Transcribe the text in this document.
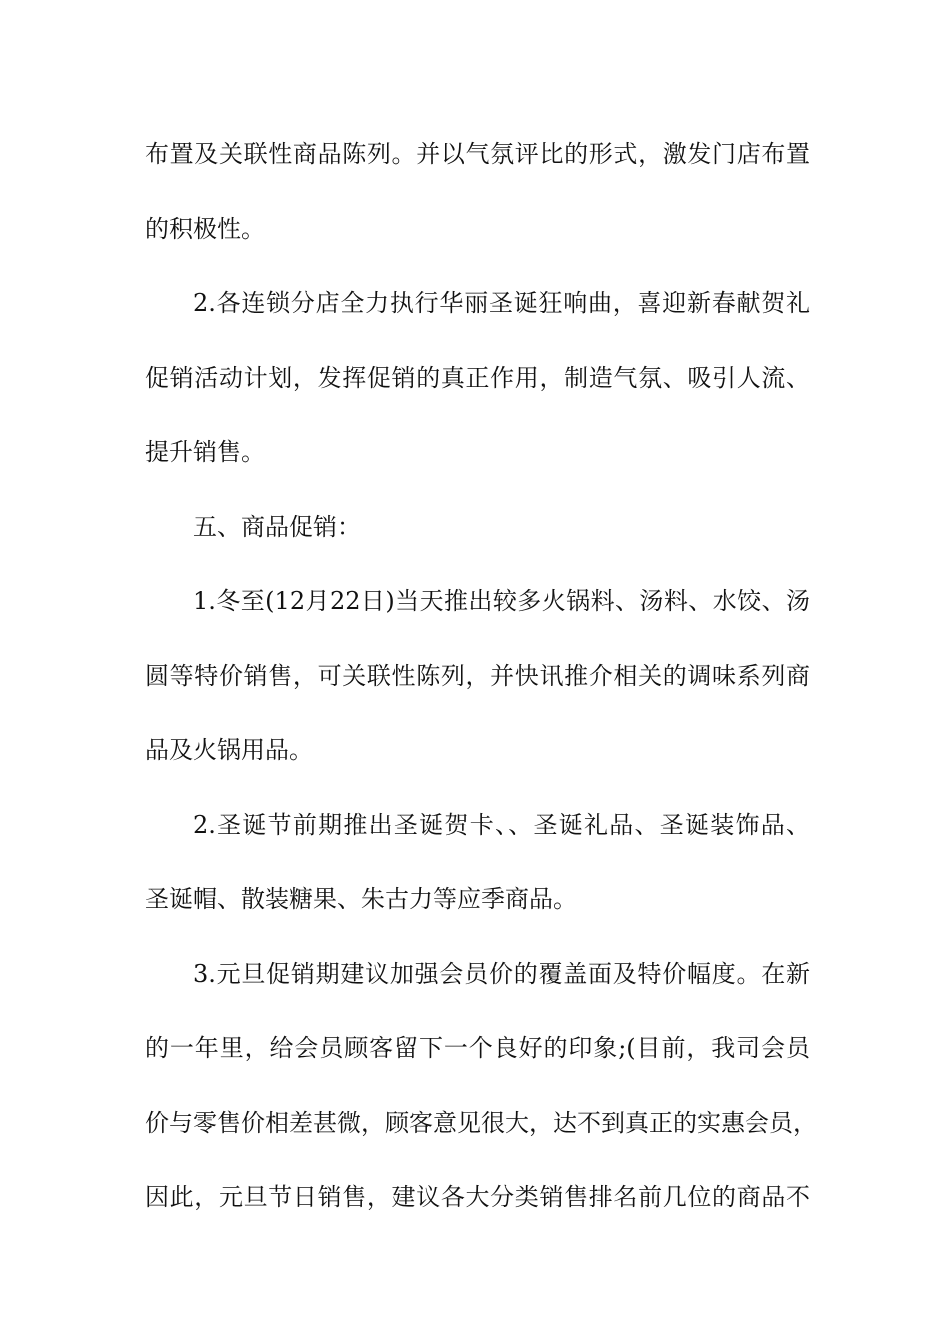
布置及关联性商品陈列。并以气氛评比的形式，激发门店布置
的积极性。
2.各连锁分店全力执行华丽圣诞狂响曲，喜迎新春献贺礼
促销活动计划，发挥促销的真正作用，制造气氛、吸引人流、
提升销售。
五、商品促销：
1.冬至(12月22日)当天推出较多火锅料、汤料、水饺、汤
圆等特价销售，可关联性陈列，并快讯推介相关的调味系列商
品及火锅用品。
2.圣诞节前期推出圣诞贺卡、、圣诞礼品、圣诞装饰品、
圣诞帽、散装糖果、朱古力等应季商品。
3.元旦促销期建议加强会员价的覆盖面及特价幅度。在新
的一年里，给会员顾客留下一个良好的印象;(目前，我司会员
价与零售价相差甚微，顾客意见很大，达不到真正的实惠会员，
因此，元旦节日销售，建议各大分类销售排名前几位的商品不
